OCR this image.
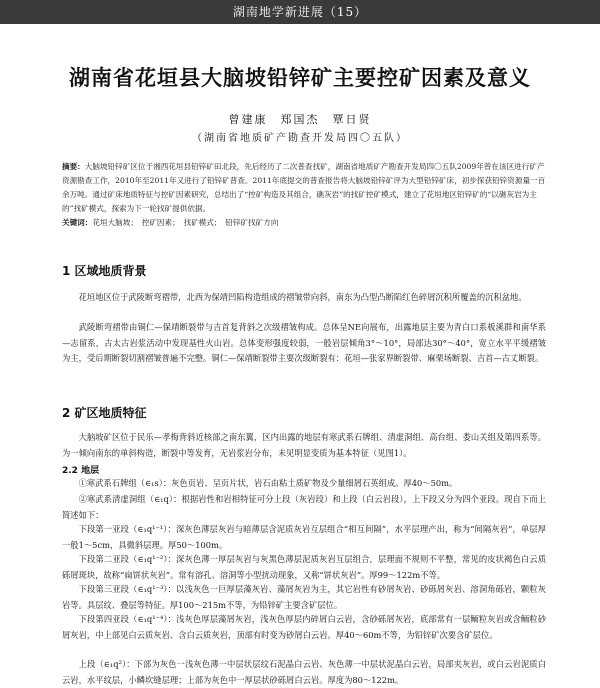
湖南地学新进展（15）
湖南省花垣县大脑坡铅锌矿主要控矿因素及意义
曾建康　郑国杰　覃日贤
（湖南省地质矿产勘查开发局四〇五队）
摘要：大脑坡铅锌矿区位于湘西花垣县铅锌矿田北段，先后经历了二次普查找矿，湖南省地质矿产勘查开发局四〇五队2009年曾在该区进行矿产资源勘查工作，2010年至2011年又进行了铅锌矿普查。2011年底提交的普查报告将大脑坡铅锌矿评为大型铅锌矿床，初步探获铅锌资源量一百余万吨。通过矿床地质特征与控矿因素研究，总结出了“控矿构造及其组合，礁灰岩”的找矿控矿模式，建立了花垣地区铅锌矿的“以礁灰岩为主的”找矿模式，探索为下一轮找矿提供依据。
关键词：花垣大脑坡；　控矿因素；　找矿模式；　铅锌矿找矿方向
1 区域地质背景
花垣地区位于武陵断弯褶带，北西为保靖凹陷构造组成的褶皱带向斜，南东为凸型凸断陷红色碎屑沉积所覆盖的沉积盆地。
武陵断弯褶带由铜仁—保靖断裂带与吉首复背斜之次级褶皱构成。总体呈NE向展布，出露地层主要为青白口系板溪群和南华系—志留系，古太古岩浆活动中发现基性火山岩。总体变形强度较弱，一般岩层倾角3°～10°，局部达30°～40°，宽立水平平缓褶皱为主，受后期断裂切割褶皱普遍不完整。铜仁—保靖断裂带主要次级断裂有：花垣—张家界断裂带、麻栗场断裂、吉首—古丈断裂。
2 矿区地质特征
大脑坡矿区位于民乐—孝梅背斜近核部之南东翼，区内出露的地层有寒武系石牌组、清虚洞组、高台组、娄山关组及第四系等。为一倾向南东的单斜构造，断裂中等发育，无岩浆岩分布，未见明显变质为基本特征（见图1）。
2.2 地层
①寒武系石牌组（∈₁s）：灰色页岩、呈页片状，岩石由粘土质矿物及少量细屑石英组成。厚40～50m。
②寒武系清虚洞组（∈₁q）：根据岩性和岩相特征可分上段（灰岩段）和上段（白云岩段），上下段又分为四个亚段。现自下而上简述如下：
下段第一亚段（∈₁q¹⁻¹）：深灰色薄层灰岩与暗薄层含泥质灰岩互层组合“相互间隔”，水平层理产出，称为“间隔灰岩”，单层厚一般1～5cm，具微斜层理。厚50～100m。
下段第二亚段（∈₁q¹⁻²）：深灰色薄一厚层灰岩与灰黑色薄层泥质灰岩互层组合，层理面不规则不平整，常见的皮状褐色白云质砾屑斑块，故称“扁饼状灰岩”。常有溶孔、溶洞等小型扰动现象，又称“饼状灰岩”。厚99～122m不等。
下段第三亚段（∈₁q¹⁻³）：以浅灰色一巨厚层藻灰岩、藻屑灰岩为主，其它岩性有砂屑灰岩、砂砾屑灰岩、溶洞角砾岩，颗粒灰岩等。具层纹、叠层等特征。厚100～215m不等，为铅锌矿主要含矿层位。
下段第四亚段（∈₁q¹⁻⁴）：浅灰色厚层藻屑灰岩，浅灰色厚层内碎屑白云岩，含砂砾屑灰岩，底部常有一层鲕粒灰岩或含鲕粒砂屑灰岩，中上部见白云质灰岩、含白云质灰岩，顶部有时变为砂屑白云岩。厚40～60m不等，为铅锌矿次要含矿层位。
上段（∈₁q²）：下部为灰色一浅灰色薄一中层状层纹石泥晶白云岩、灰色薄一中层状泥晶白云岩，局部夹灰岩，或白云岩泥质白云岩，水平纹层，小鳞坎缝层理；上部为灰色中一厚层状砂砾屑白云岩。厚度为80～122m。
